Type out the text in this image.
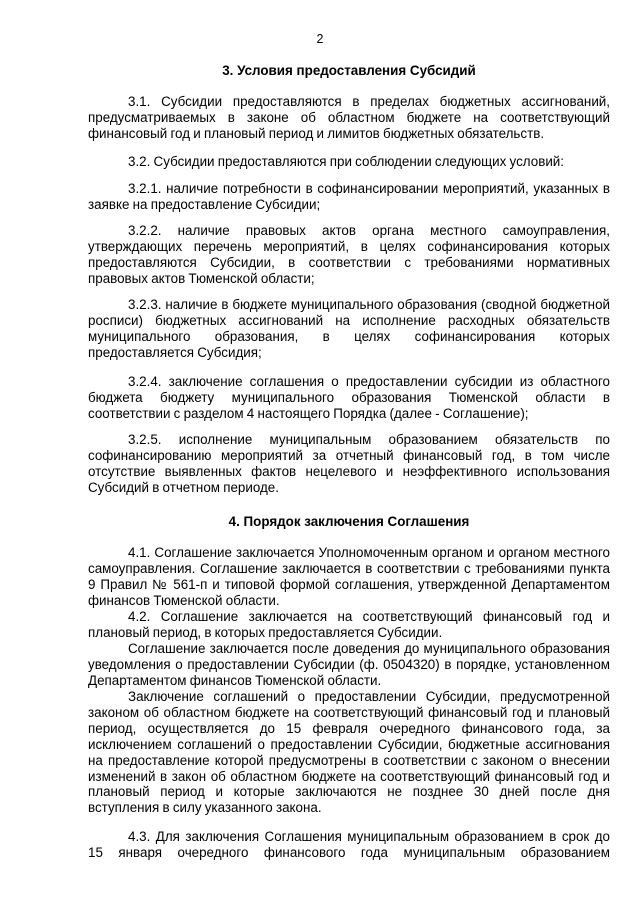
2
3. Условия предоставления Субсидий
3.1. Субсидии предоставляются в пределах бюджетных ассигнований, предусматриваемых в законе об областном бюджете на соответствующий финансовый год и плановый период и лимитов бюджетных обязательств.
3.2. Субсидии предоставляются при соблюдении следующих условий:
3.2.1. наличие потребности в софинансировании мероприятий, указанных в заявке на предоставление Субсидии;
3.2.2. наличие правовых актов органа местного самоуправления, утверждающих перечень мероприятий, в целях софинансирования которых предоставляются Субсидии, в соответствии с требованиями нормативных правовых актов Тюменской области;
3.2.3. наличие в бюджете муниципального образования (сводной бюджетной росписи) бюджетных ассигнований на исполнение расходных обязательств муниципального образования, в целях софинансирования которых предоставляется Субсидия;
3.2.4. заключение соглашения о предоставлении субсидии из областного бюджета бюджету муниципального образования Тюменской области в соответствии с разделом 4 настоящего Порядка (далее - Соглашение);
3.2.5. исполнение муниципальным образованием обязательств по софинансированию мероприятий за отчетный финансовый год, в том числе отсутствие выявленных фактов нецелевого и неэффективного использования Субсидий в отчетном периоде.
4. Порядок заключения Соглашения
4.1. Соглашение заключается Уполномоченным органом и органом местного самоуправления. Соглашение заключается в соответствии с требованиями пункта 9 Правил № 561-п и типовой формой соглашения, утвержденной Департаментом финансов Тюменской области.
4.2. Соглашение заключается на соответствующий финансовый год и плановый период, в которых предоставляется Субсидии.
Соглашение заключается после доведения до муниципального образования уведомления о предоставлении Субсидии (ф. 0504320) в порядке, установленном Департаментом финансов Тюменской области.
Заключение соглашений о предоставлении Субсидии, предусмотренной законом об областном бюджете на соответствующий финансовый год и плановый период, осуществляется до 15 февраля очередного финансового года, за исключением соглашений о предоставлении Субсидии, бюджетные ассигнования на предоставление которой предусмотрены в соответствии с законом о внесении изменений в закон об областном бюджете на соответствующий финансовый год и плановый период и которые заключаются не позднее 30 дней после дня вступления в силу указанного закона.
4.3. Для заключения Соглашения муниципальным образованием в срок до 15 января очередного финансового года муниципальным образованием
